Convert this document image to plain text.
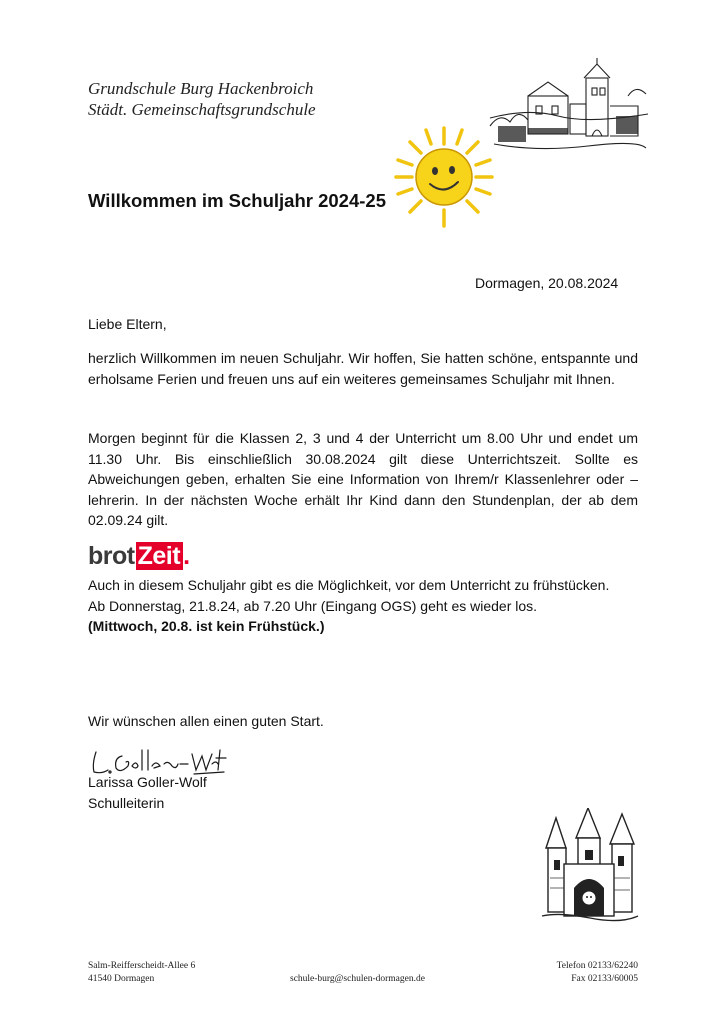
Grundschule Burg Hackenbroich
Städt. Gemeinschaftsgrundschule
Willkommen im Schuljahr 2024-25
Dormagen, 20.08.2024
Liebe Eltern,
herzlich Willkommen im neuen Schuljahr. Wir hoffen, Sie hatten schöne, entspannte und erholsame Ferien und freuen uns auf ein weiteres gemeinsames Schuljahr mit Ihnen.
Morgen beginnt für die Klassen 2, 3 und 4 der Unterricht um 8.00 Uhr und endet um 11.30 Uhr. Bis einschließlich 30.08.2024 gilt diese Unterrichtszeit. Sollte es Abweichungen geben, erhalten Sie eine Information von Ihrem/r Klassenlehrer oder –lehrerin. In der nächsten Woche erhält Ihr Kind dann den Stundenplan, der ab dem 02.09.24 gilt.
brot Zeit .
Auch in diesem Schuljahr gibt es die Möglichkeit, vor dem Unterricht zu frühstücken.
Ab Donnerstag, 21.8.24, ab 7.20 Uhr (Eingang OGS) geht es wieder los.
(Mittwoch, 20.8. ist kein Frühstück.)
Wir wünschen allen einen guten Start.
Larissa Goller-Wolf
Schulleiterin
Salm-Reifferscheidt-Allee 6
41540 Dormagen	schule-burg@schulen-dormagen.de
Telefon 02133/62240
Fax 02133/60005
